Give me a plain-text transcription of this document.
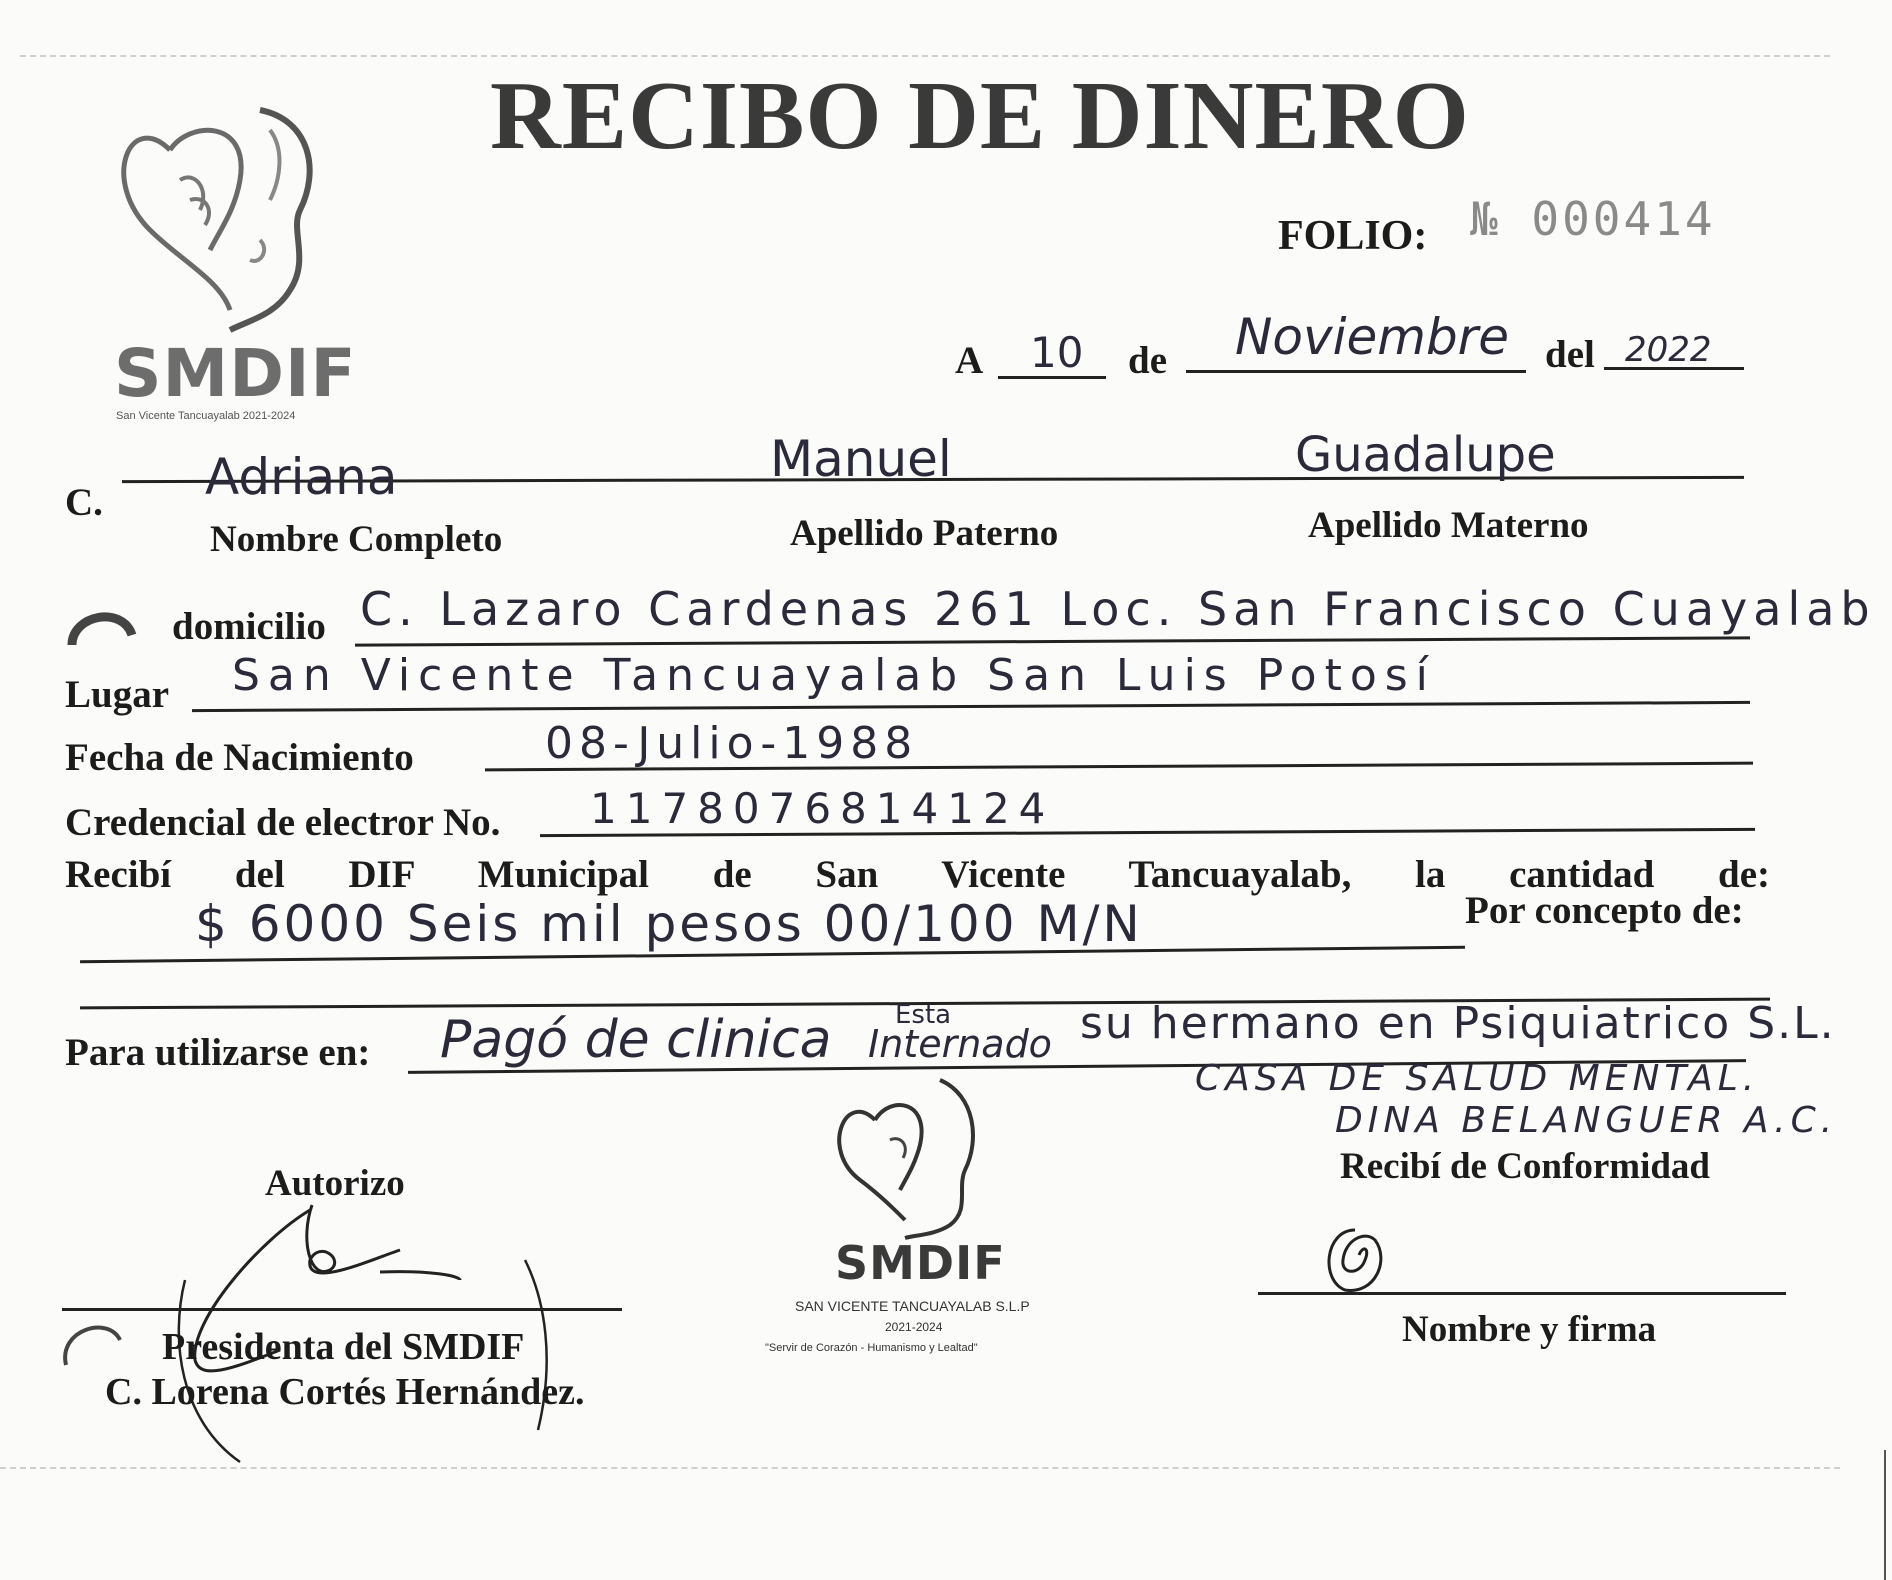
SMDIF
San Vicente Tancuayalab 2021-2024
RECIBO DE DINERO
FOLIO: № 000414
A 10 de Noviembre del 2022
C. Adriana	Manuel	Guadalupe
Nombre Completo	Apellido Paterno	Apellido Materno
domicilio C. Lazaro Cardenas 261 Loc. San Francisco Cuayalab
Lugar San Vicente Tancuayalab San Luis Potosí
Fecha de Nacimiento	08-Julio-1988
Credencial de electror No. 1178076814124
Recibí del DIF Municipal de San Vicente Tancuayalab, la cantidad de:
$ 6000 Seis mil pesos 00/100 M/N	Por concepto de:
Para utilizarse en: Pagó de clinica Esta
Internado su hermano en Psiquiatrico S.L.
CASA DE SALUD MENTAL.
DINA BELANGUER A.C.
Autorizo
Presidenta del SMDIF
C. Lorena Cortés Hernández.
SMDIF
SAN VICENTE TANCUAYALAB S.L.P
2021-2024
"Servir de Corazón - Humanismo y Lealtad"
Recibí de Conformidad
Nombre y firma
